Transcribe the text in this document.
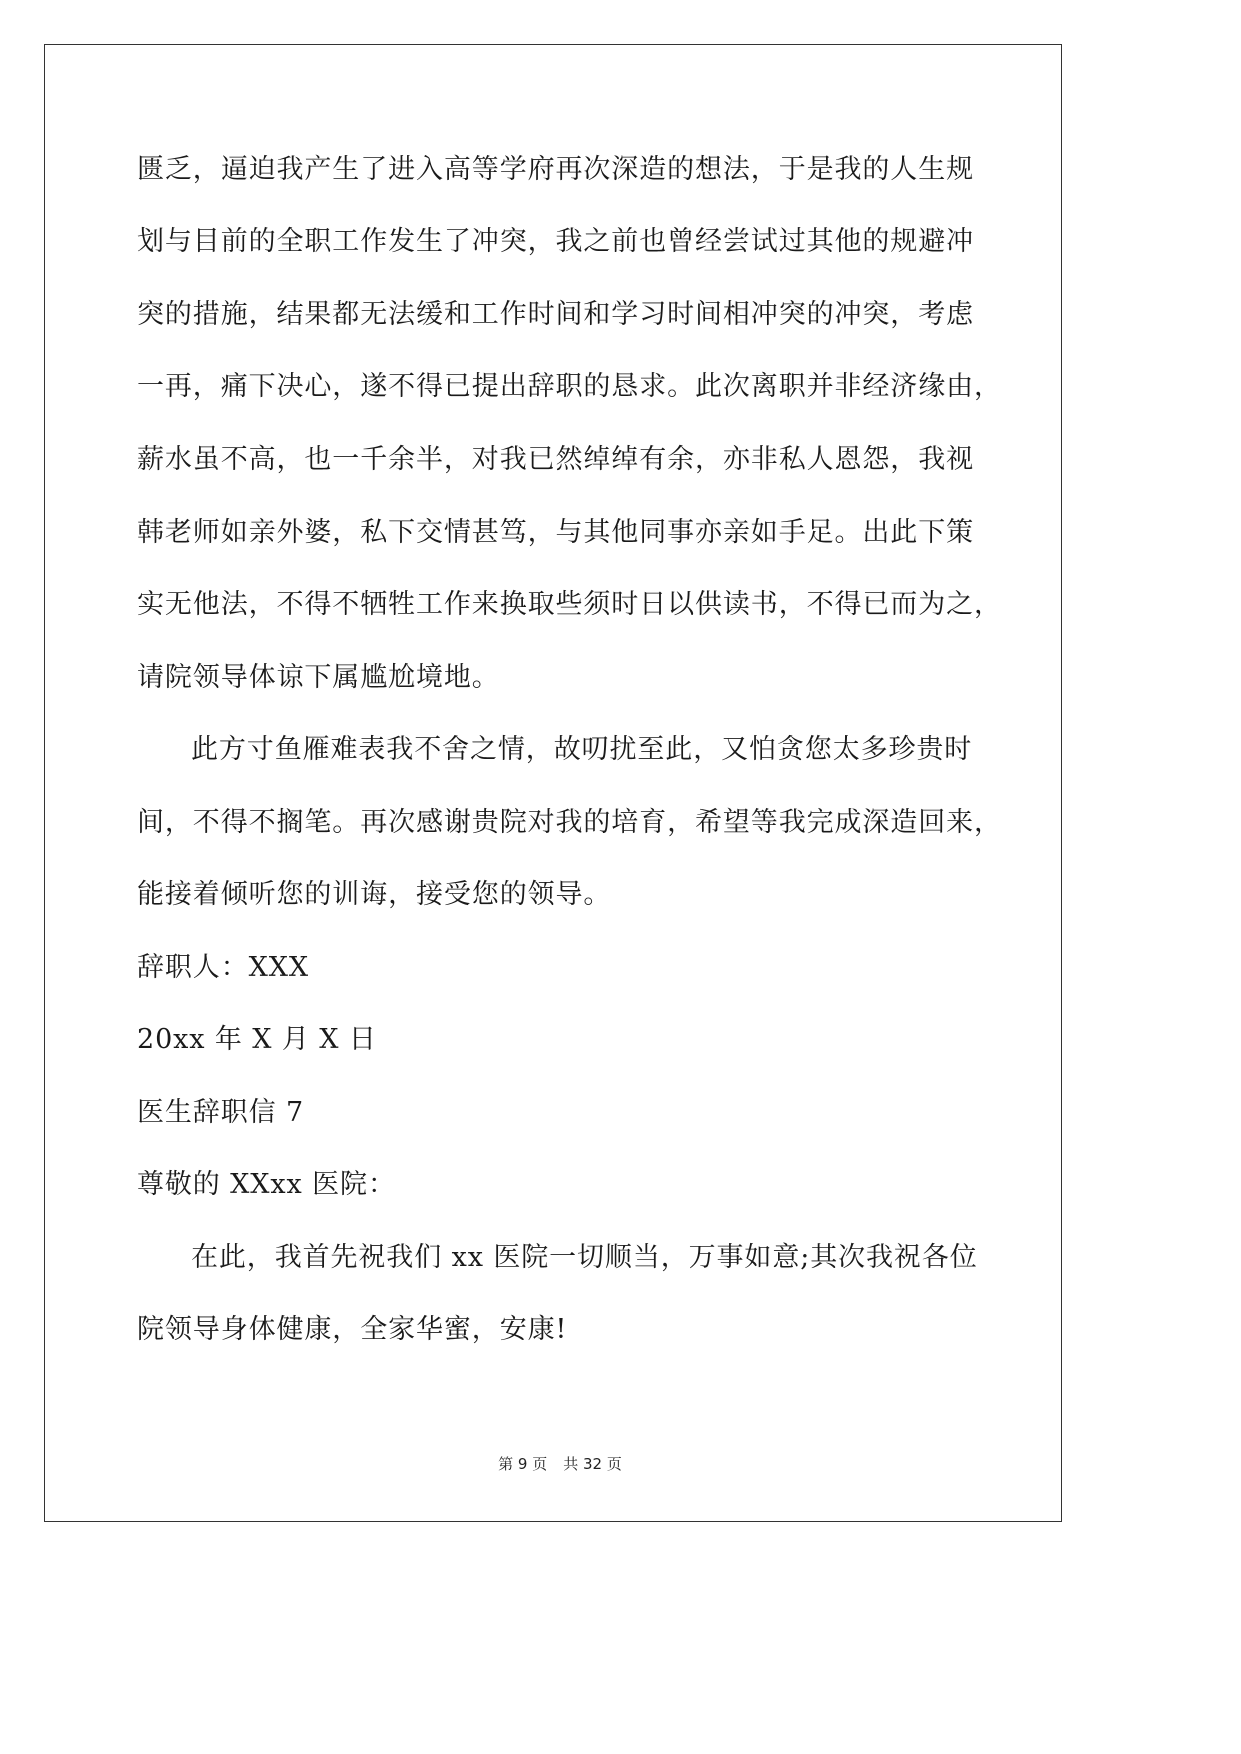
匮乏，逼迫我产生了进入高等学府再次深造的想法，于是我的人生规
划与目前的全职工作发生了冲突，我之前也曾经尝试过其他的规避冲
突的措施，结果都无法缓和工作时间和学习时间相冲突的冲突，考虑
一再，痛下决心，遂不得已提出辞职的恳求。此次离职并非经济缘由，
薪水虽不高，也一千余半，对我已然绰绰有余，亦非私人恩怨，我视
韩老师如亲外婆，私下交情甚笃，与其他同事亦亲如手足。出此下策
实无他法，不得不牺牲工作来换取些须时日以供读书，不得已而为之，
请院领导体谅下属尴尬境地。
此方寸鱼雁难表我不舍之情，故叨扰至此，又怕贪您太多珍贵时
间，不得不搁笔。再次感谢贵院对我的培育，希望等我完成深造回来，
能接着倾听您的训诲，接受您的领导。
辞职人：XXX
20xx 年 X 月 X 日
医生辞职信 7
尊敬的 XXxx 医院：
在此，我首先祝我们 xx 医院一切顺当，万事如意;其次我祝各位
院领导身体健康，全家华蜜，安康!
第 9 页 共 32 页
